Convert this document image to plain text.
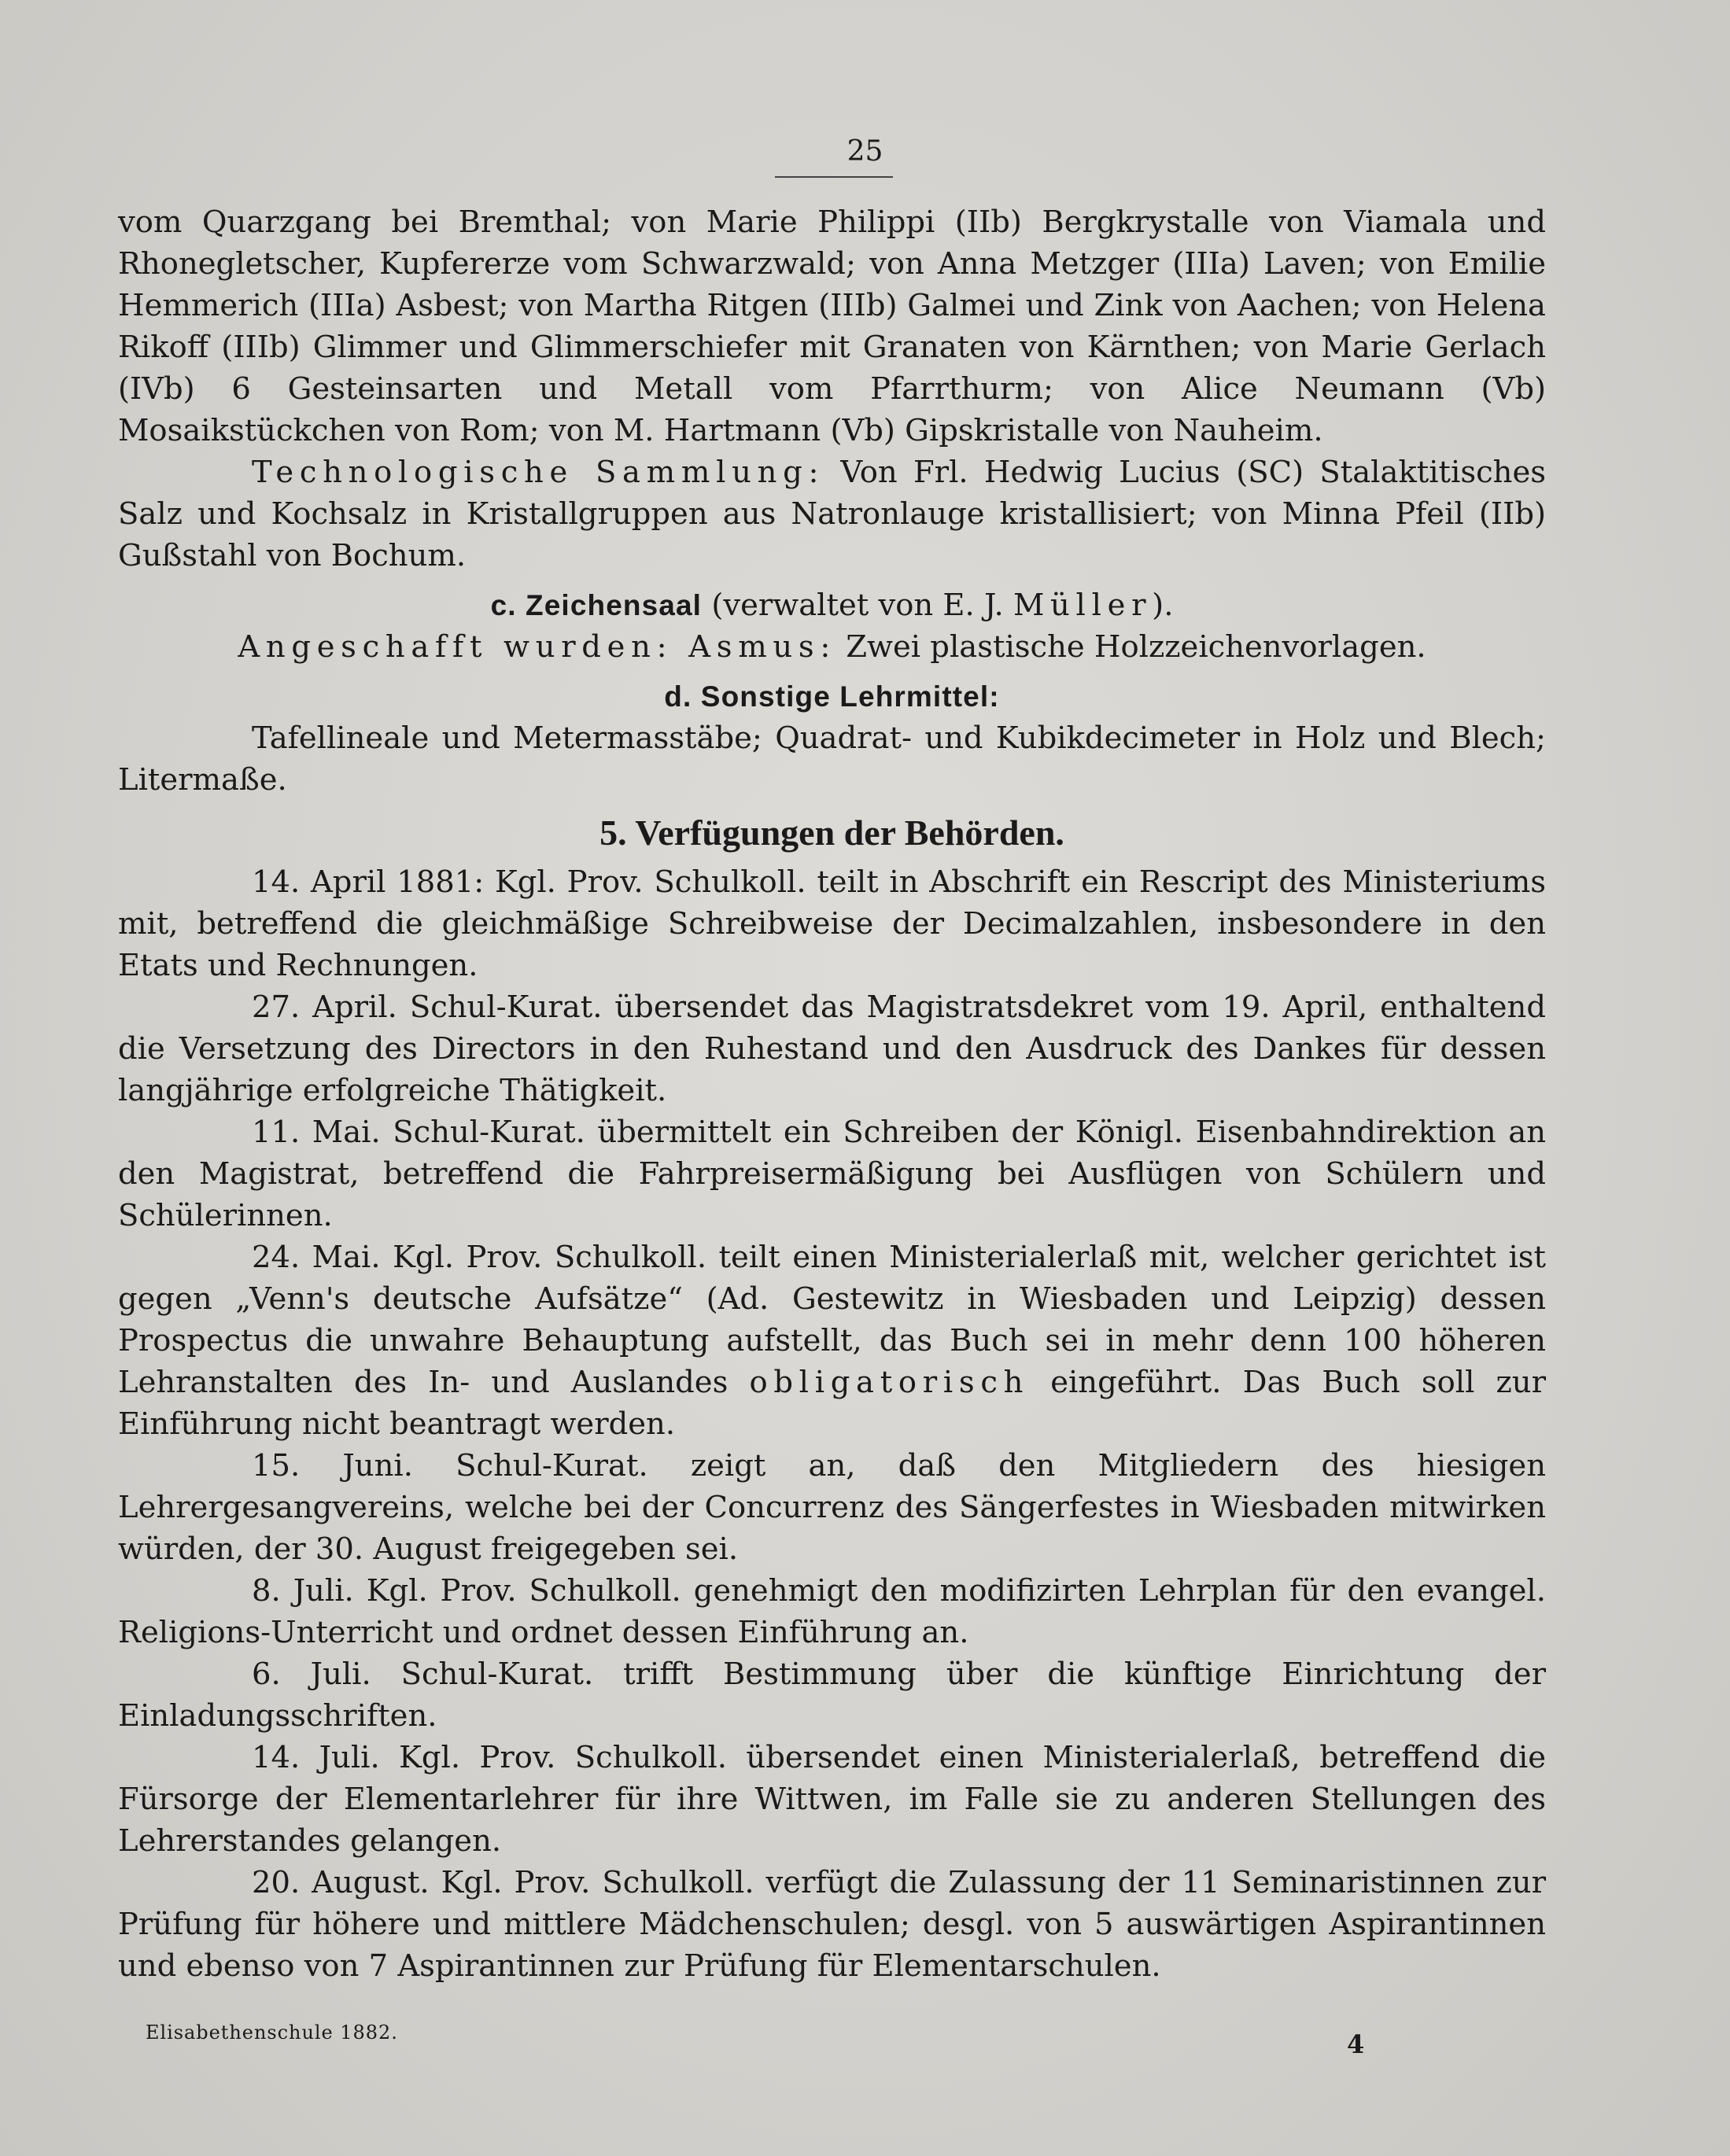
25

vom Quarzgang bei Bremthal; von Marie Philippi (IIb) Bergkrystalle von Viamala und Rhonegletscher, Kupfererze vom Schwarzwald; von Anna Metzger (IIIa) Laven; von Emilie Hemmerich (IIIa) Asbest; von Martha Ritgen (IIIb) Galmei und Zink von Aachen; von Helena Rikoff (IIIb) Glimmer und Glimmerschiefer mit Granaten von Kärnthen; von Marie Gerlach (IVb) 6 Gesteinsarten und Metall vom Pfarrthurm; von Alice Neumann (Vb) Mosaikstückchen von Rom; von M. Hartmann (Vb) Gipskristalle von Nauheim.

Technologische Sammlung: Von Frl. Hedwig Lucius (SC) Stalaktitisches Salz und Kochsalz in Kristallgruppen aus Natronlauge kristallisiert; von Minna Pfeil (IIb) Gußstahl von Bochum.

c. Zeichensaal (verwaltet von E. J. Müller).

Angeschafft wurden: Asmus: Zwei plastische Holzzeichenvorlagen.

d. Sonstige Lehrmittel:

Tafellineale und Metermasstäbe; Quadrat- und Kubikdecimeter in Holz und Blech; Litermaße.

5. Verfügungen der Behörden.

14. April 1881: Kgl. Prov. Schulkoll. teilt in Abschrift ein Rescript des Ministeriums mit, betreffend die gleichmäßige Schreibweise der Decimalzahlen, insbesondere in den Etats und Rechnungen.

27. April. Schul-Kurat. übersendet das Magistratsdekret vom 19. April, enthaltend die Versetzung des Directors in den Ruhestand und den Ausdruck des Dankes für dessen langjährige erfolgreiche Thätigkeit.

11. Mai. Schul-Kurat. übermittelt ein Schreiben der Königl. Eisenbahndirektion an den Magistrat, betreffend die Fahrpreisermäßigung bei Ausflügen von Schülern und Schülerinnen.

24. Mai. Kgl. Prov. Schulkoll. teilt einen Ministerialerlaß mit, welcher gerichtet ist gegen „Venn's deutsche Aufsätze“ (Ad. Gestewitz in Wiesbaden und Leipzig) dessen Prospectus die unwahre Behauptung aufstellt, das Buch sei in mehr denn 100 höheren Lehranstalten des In- und Auslandes obligatorisch eingeführt. Das Buch soll zur Einführung nicht beantragt werden.

15. Juni. Schul-Kurat. zeigt an, daß den Mitgliedern des hiesigen Lehrergesangvereins, welche bei der Concurrenz des Sängerfestes in Wiesbaden mitwirken würden, der 30. August freigegeben sei.

8. Juli. Kgl. Prov. Schulkoll. genehmigt den modifizirten Lehrplan für den evangel. Religions-Unterricht und ordnet dessen Einführung an.

6. Juli. Schul-Kurat. trifft Bestimmung über die künftige Einrichtung der Einladungsschriften.

14. Juli. Kgl. Prov. Schulkoll. übersendet einen Ministerialerlaß, betreffend die Fürsorge der Elementarlehrer für ihre Wittwen, im Falle sie zu anderen Stellungen des Lehrerstandes gelangen.

20. August. Kgl. Prov. Schulkoll. verfügt die Zulassung der 11 Seminaristinnen zur Prüfung für höhere und mittlere Mädchenschulen; desgl. von 5 auswärtigen Aspirantinnen und ebenso von 7 Aspirantinnen zur Prüfung für Elementarschulen.

Elisabethenschule 1882.	4
